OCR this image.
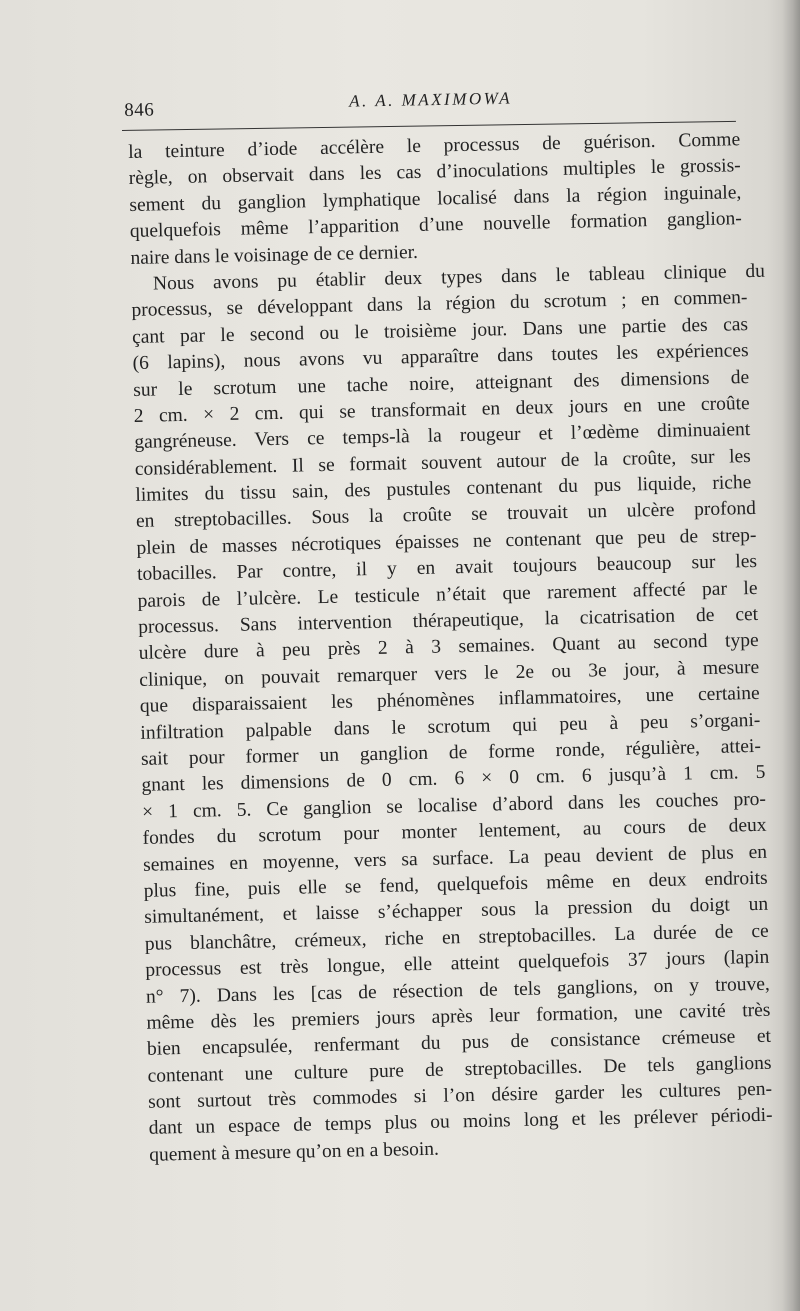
846	A. A. MAXIMOWA
la teinture d’iode accélère le processus de guérison. Comme
règle, on observait dans les cas d’inoculations multiples le grossis-
sement du ganglion lymphatique localisé dans la région inguinale,
quelquefois même l’apparition d’une nouvelle formation ganglion-
naire dans le voisinage de ce dernier.
Nous avons pu établir deux types dans le tableau clinique du
processus, se développant dans la région du scrotum ; en commen-
çant par le second ou le troisième jour. Dans une partie des cas
(6 lapins), nous avons vu apparaître dans toutes les expériences
sur le scrotum une tache noire, atteignant des dimensions de
2 cm. × 2 cm. qui se transformait en deux jours en une croûte
gangréneuse. Vers ce temps-là la rougeur et l’œdème diminuaient
considérablement. Il se formait souvent autour de la croûte, sur les
limites du tissu sain, des pustules contenant du pus liquide, riche
en streptobacilles. Sous la croûte se trouvait un ulcère profond
plein de masses nécrotiques épaisses ne contenant que peu de strep-
tobacilles. Par contre, il y en avait toujours beaucoup sur les
parois de l’ulcère. Le testicule n’était que rarement affecté par le
processus. Sans intervention thérapeutique, la cicatrisation de cet
ulcère dure à peu près 2 à 3 semaines. Quant au second type
clinique, on pouvait remarquer vers le 2e ou 3e jour, à mesure
que disparaissaient les phénomènes inflammatoires, une certaine
infiltration palpable dans le scrotum qui peu à peu s’organi-
sait pour former un ganglion de forme ronde, régulière, attei-
gnant les dimensions de 0 cm. 6 × 0 cm. 6 jusqu’à 1 cm. 5
× 1 cm. 5. Ce ganglion se localise d’abord dans les couches pro-
fondes du scrotum pour monter lentement, au cours de deux
semaines en moyenne, vers sa surface. La peau devient de plus en
plus fine, puis elle se fend, quelquefois même en deux endroits
simultanément, et laisse s’échapper sous la pression du doigt un
pus blanchâtre, crémeux, riche en streptobacilles. La durée de ce
processus est très longue, elle atteint quelquefois 37 jours (lapin
n° 7). Dans les [cas de résection de tels ganglions, on y trouve,
même dès les premiers jours après leur formation, une cavité très
bien encapsulée, renfermant du pus de consistance crémeuse et
contenant une culture pure de streptobacilles. De tels ganglions
sont surtout très commodes si l’on désire garder les cultures pen-
dant un espace de temps plus ou moins long et les prélever périodi-
quement à mesure qu’on en a besoin.
